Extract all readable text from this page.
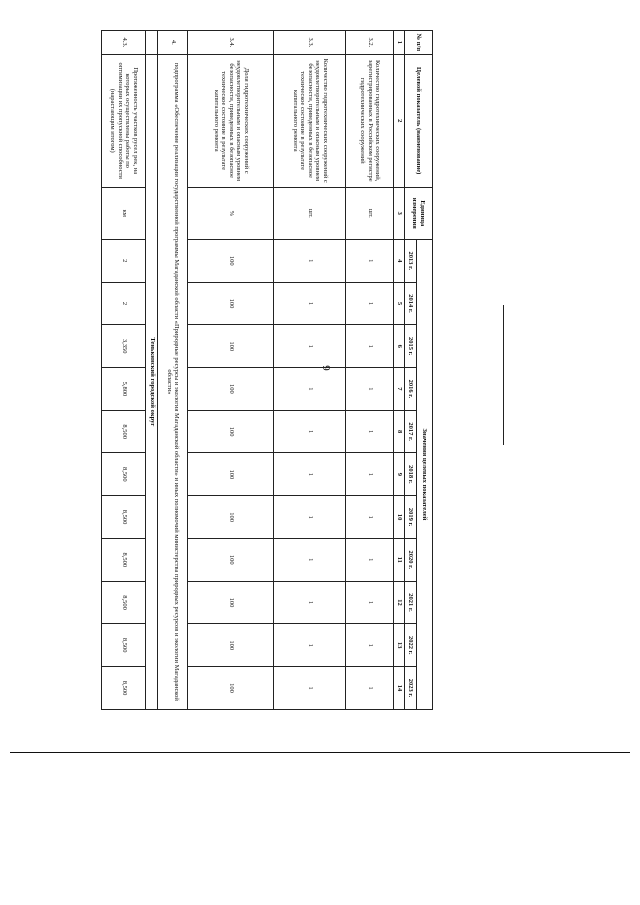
6
№ п/п	Целевой показатель (наименование)	Единица измерения	Значения целевых показателей										
			2013 г.	2014 г.	2015 г.	2016 г.	2017 г.	2018 г.	2019 г.	2020 г.	2021 г.	2022 г.	2023 г.
1	2	3	4	5	6	7	8	9	10	11	12	13	14
3.2.	Количество гидротехнических сооружений, зарегистрированных в Российском регистре гидротехнических сооружений	шт.	1	1	1	1	1	1	1	1	1	1	1
3.3.	Количество гидротехнических сооружений с неудовлетворительным и опасным уровнем безопасности, приведенных в безопасное техническое состояние в результате капитального ремонта	шт.	1	1	1	1	1	1	1	1	1	1	1
3.4.	Доля гидротехнических сооружений с неудовлетворительным и опасным уровнем безопасности, приведенных в безопасное техническое состояние в результате капитального ремонта	%	100	100	100	100	100	100	100	100	100	100	100
4.	подпрограмма «Обеспечение реализации государственной программы Магаданской области «Природные ресурсы и экология Магаданской области» и иных полномочий министерства природных ресурсов и экологии Магаданской области»												
	Тенькинский городской округ												
4.3.	Протяженность участков русел рек, на которых осуществлены работы по оптимизации их пропускной способности (нарастающим итогом)	км	2	2	3,350	5,800	8,500	8,500	8,500	8,500	8,500	8,500	8,500
